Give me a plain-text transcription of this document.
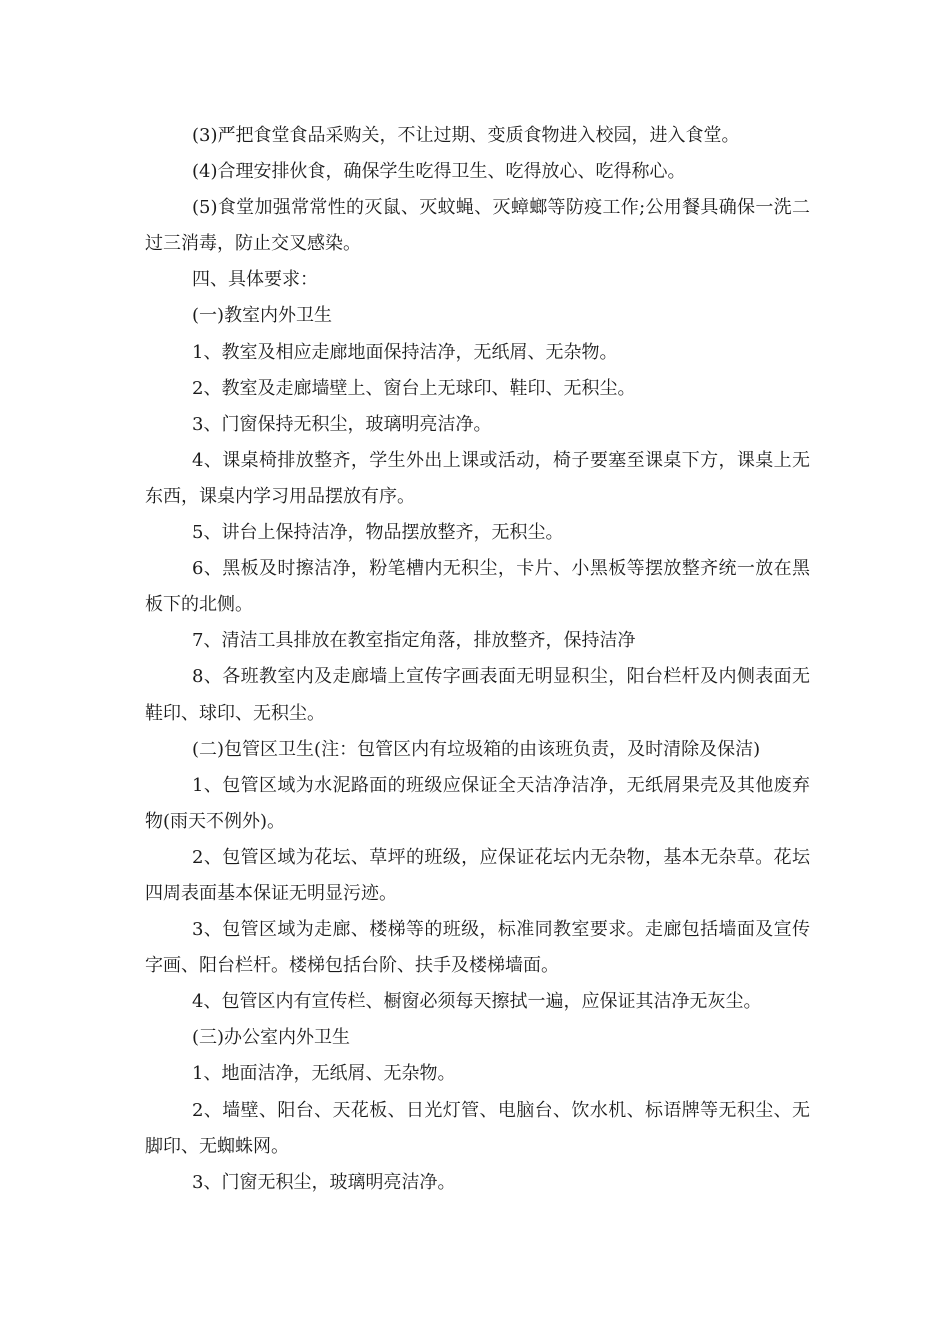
(3)严把食堂食品采购关，不让过期、变质食物进入校园，进入食堂。

(4)合理安排伙食，确保学生吃得卫生、吃得放心、吃得称心。

(5)食堂加强常常性的灭鼠、灭蚊蝇、灭蟑螂等防疫工作;公用餐具确保一洗二过三消毒，防止交叉感染。

四、具体要求：

(一)教室内外卫生

1、教室及相应走廊地面保持洁净，无纸屑、无杂物。

2、教室及走廊墙壁上、窗台上无球印、鞋印、无积尘。

3、门窗保持无积尘，玻璃明亮洁净。

4、课桌椅排放整齐，学生外出上课或活动，椅子要塞至课桌下方，课桌上无东西，课桌内学习用品摆放有序。

5、讲台上保持洁净，物品摆放整齐，无积尘。

6、黑板及时擦洁净，粉笔槽内无积尘，卡片、小黑板等摆放整齐统一放在黑板下的北侧。

7、清洁工具排放在教室指定角落，排放整齐，保持洁净

8、各班教室内及走廊墙上宣传字画表面无明显积尘，阳台栏杆及内侧表面无鞋印、球印、无积尘。

(二)包管区卫生(注：包管区内有垃圾箱的由该班负责，及时清除及保洁)

1、包管区域为水泥路面的班级应保证全天洁净洁净，无纸屑果壳及其他废弃物(雨天不例外)。

2、包管区域为花坛、草坪的班级，应保证花坛内无杂物，基本无杂草。花坛四周表面基本保证无明显污迹。

3、包管区域为走廊、楼梯等的班级，标准同教室要求。走廊包括墙面及宣传字画、阳台栏杆。楼梯包括台阶、扶手及楼梯墙面。

4、包管区内有宣传栏、橱窗必须每天擦拭一遍，应保证其洁净无灰尘。

(三)办公室内外卫生

1、地面洁净，无纸屑、无杂物。

2、墙壁、阳台、天花板、日光灯管、电脑台、饮水机、标语牌等无积尘、无脚印、无蜘蛛网。

3、门窗无积尘，玻璃明亮洁净。
